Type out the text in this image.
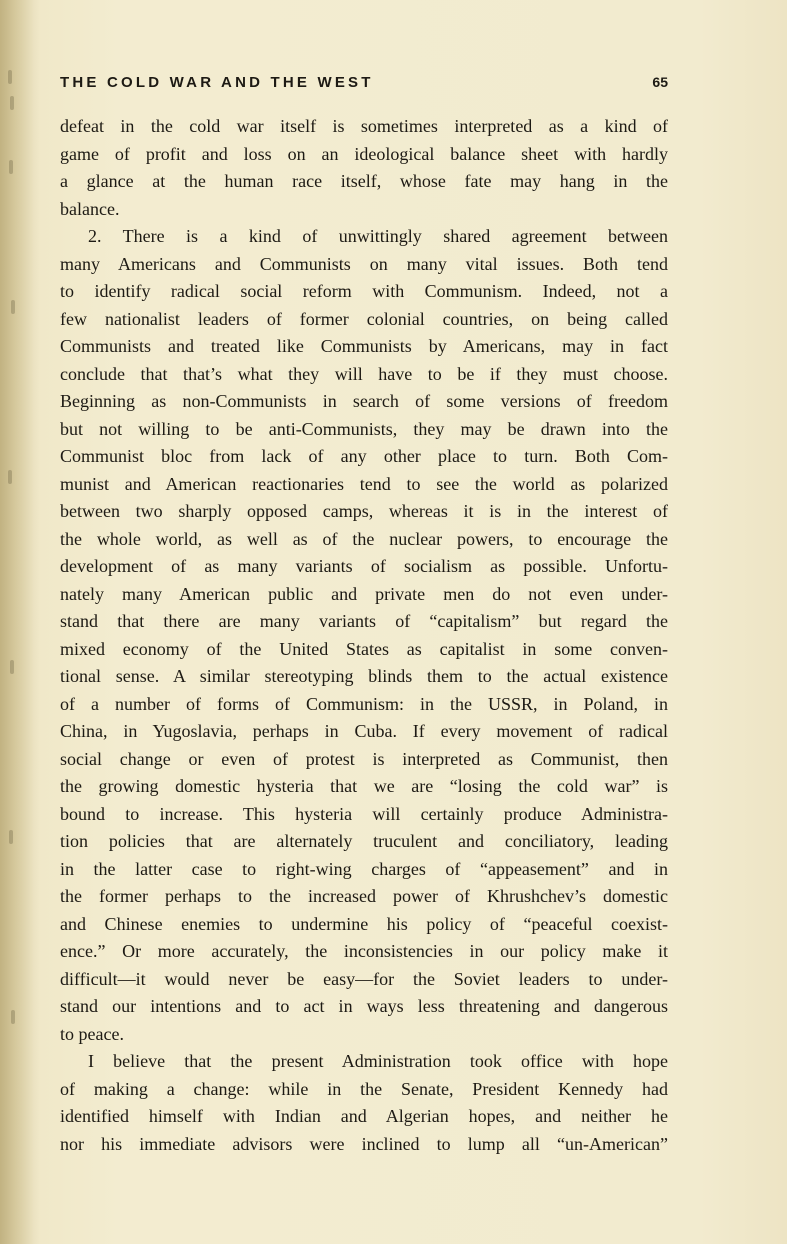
THE COLD WAR AND THE WEST	65
defeat in the cold war itself is sometimes interpreted as a kind of
game of profit and loss on an ideological balance sheet with hardly
a glance at the human race itself, whose fate may hang in the
balance.
2. There is a kind of unwittingly shared agreement between
many Americans and Communists on many vital issues. Both tend
to identify radical social reform with Communism. Indeed, not a
few nationalist leaders of former colonial countries, on being called
Communists and treated like Communists by Americans, may in fact
conclude that that’s what they will have to be if they must choose.
Beginning as non-Communists in search of some versions of freedom
but not willing to be anti-Communists, they may be drawn into the
Communist bloc from lack of any other place to turn. Both Com-
munist and American reactionaries tend to see the world as polarized
between two sharply opposed camps, whereas it is in the interest of
the whole world, as well as of the nuclear powers, to encourage the
development of as many variants of socialism as possible. Unfortu-
nately many American public and private men do not even under-
stand that there are many variants of “capitalism” but regard the
mixed economy of the United States as capitalist in some conven-
tional sense. A similar stereotyping blinds them to the actual existence
of a number of forms of Communism: in the USSR, in Poland, in
China, in Yugoslavia, perhaps in Cuba. If every movement of radical
social change or even of protest is interpreted as Communist, then
the growing domestic hysteria that we are “losing the cold war” is
bound to increase. This hysteria will certainly produce Administra-
tion policies that are alternately truculent and conciliatory, leading
in the latter case to right-wing charges of “appeasement” and in
the former perhaps to the increased power of Khrushchev’s domestic
and Chinese enemies to undermine his policy of “peaceful coexist-
ence.” Or more accurately, the inconsistencies in our policy make it
difficult—it would never be easy—for the Soviet leaders to under-
stand our intentions and to act in ways less threatening and dangerous
to peace.
I believe that the present Administration took office with hope
of making a change: while in the Senate, President Kennedy had
identified himself with Indian and Algerian hopes, and neither he
nor his immediate advisors were inclined to lump all “un-American”
